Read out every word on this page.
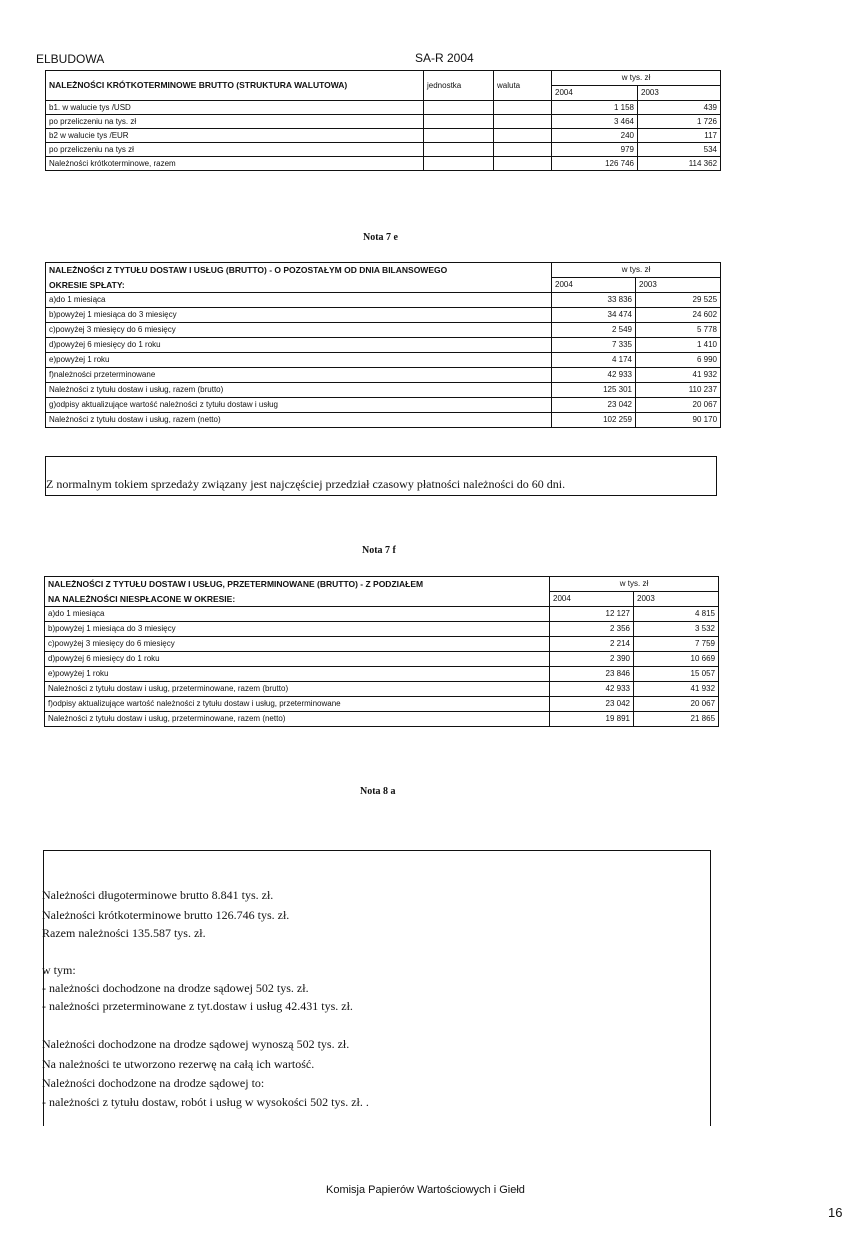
ELBUDOWA	SA-R 2004
NALEŻNOŚCI KRÓTKOTERMINOWE BRUTTO (STRUKTURA WALUTOWA)	jednostka	waluta	w tys. zł	
			2004	2003
b1. w walucie tys /USD			1 158	439
po przeliczeniu na tys. zł			3 464	1 726
b2 w walucie tys /EUR			240	117
po przeliczeniu na tys zł			979	534
Należności krótkoterminowe, razem			126 746	114 362
Nota 7 e
NALEŻNOŚCI Z TYTUŁU DOSTAW I USŁUG (BRUTTO) - O POZOSTAŁYM OD DNIA BILANSOWEGO	w tys. zł	
OKRESIE SPŁATY:	2004	2003
a)do 1 miesiąca	33 836	29 525
b)powyżej 1 miesiąca do 3 miesięcy	34 474	24 602
c)powyżej 3 miesięcy do 6 miesięcy	2 549	5 778
d)powyżej 6 miesięcy do 1 roku	7 335	1 410
e)powyżej 1 roku	4 174	6 990
f)należności przeterminowane	42 933	41 932
Należności z tytułu dostaw i usług, razem (brutto)	125 301	110 237
g)odpisy aktualizujące wartość należności z tytułu dostaw i usług	23 042	20 067
Należności z tytułu dostaw i usług, razem (netto)	102 259	90 170
Z normalnym tokiem sprzedaży związany jest najczęściej przedział czasowy płatności należności do 60 dni.
Nota 7 f
NALEŻNOŚCI Z TYTUŁU DOSTAW I USŁUG, PRZETERMINOWANE (BRUTTO) - Z PODZIAŁEM	w tys. zł	
NA NALEŻNOŚCI NIESPŁACONE W OKRESIE:	2004	2003
a)do 1 miesiąca	12 127	4 815
b)powyżej 1 miesiąca do 3 miesięcy	2 356	3 532
c)powyżej 3 miesięcy do 6 miesięcy	2 214	7 759
d)powyżej 6 miesięcy do 1 roku	2 390	10 669
e)powyżej 1 roku	23 846	15 057
Należności z tytułu dostaw i usług, przeterminowane, razem (brutto)	42 933	41 932
f)odpisy aktualizujące wartość należności z tytułu dostaw i usług, przeterminowane	23 042	20 067
Należności z tytułu dostaw i usług, przeterminowane, razem (netto)	19 891	21 865
Nota 8 a
Należności długoterminowe brutto 8.841 tys. zł.
Należności krótkoterminowe brutto 126.746 tys. zł.
Razem należności 135.587 tys. zł.
w tym:
- należności dochodzone na drodze sądowej 502 tys. zł.
- należności przeterminowane z tyt.dostaw i usług 42.431 tys. zł.
Należności dochodzone na drodze sądowej wynoszą 502 tys. zł.
Na należności te utworzono rezerwę na całą ich wartość.
Należności dochodzone na drodze sądowej to:
- należności z tytułu dostaw, robót i usług w wysokości 502 tys. zł. .
Komisja Papierów Wartościowych i Giełd
16
